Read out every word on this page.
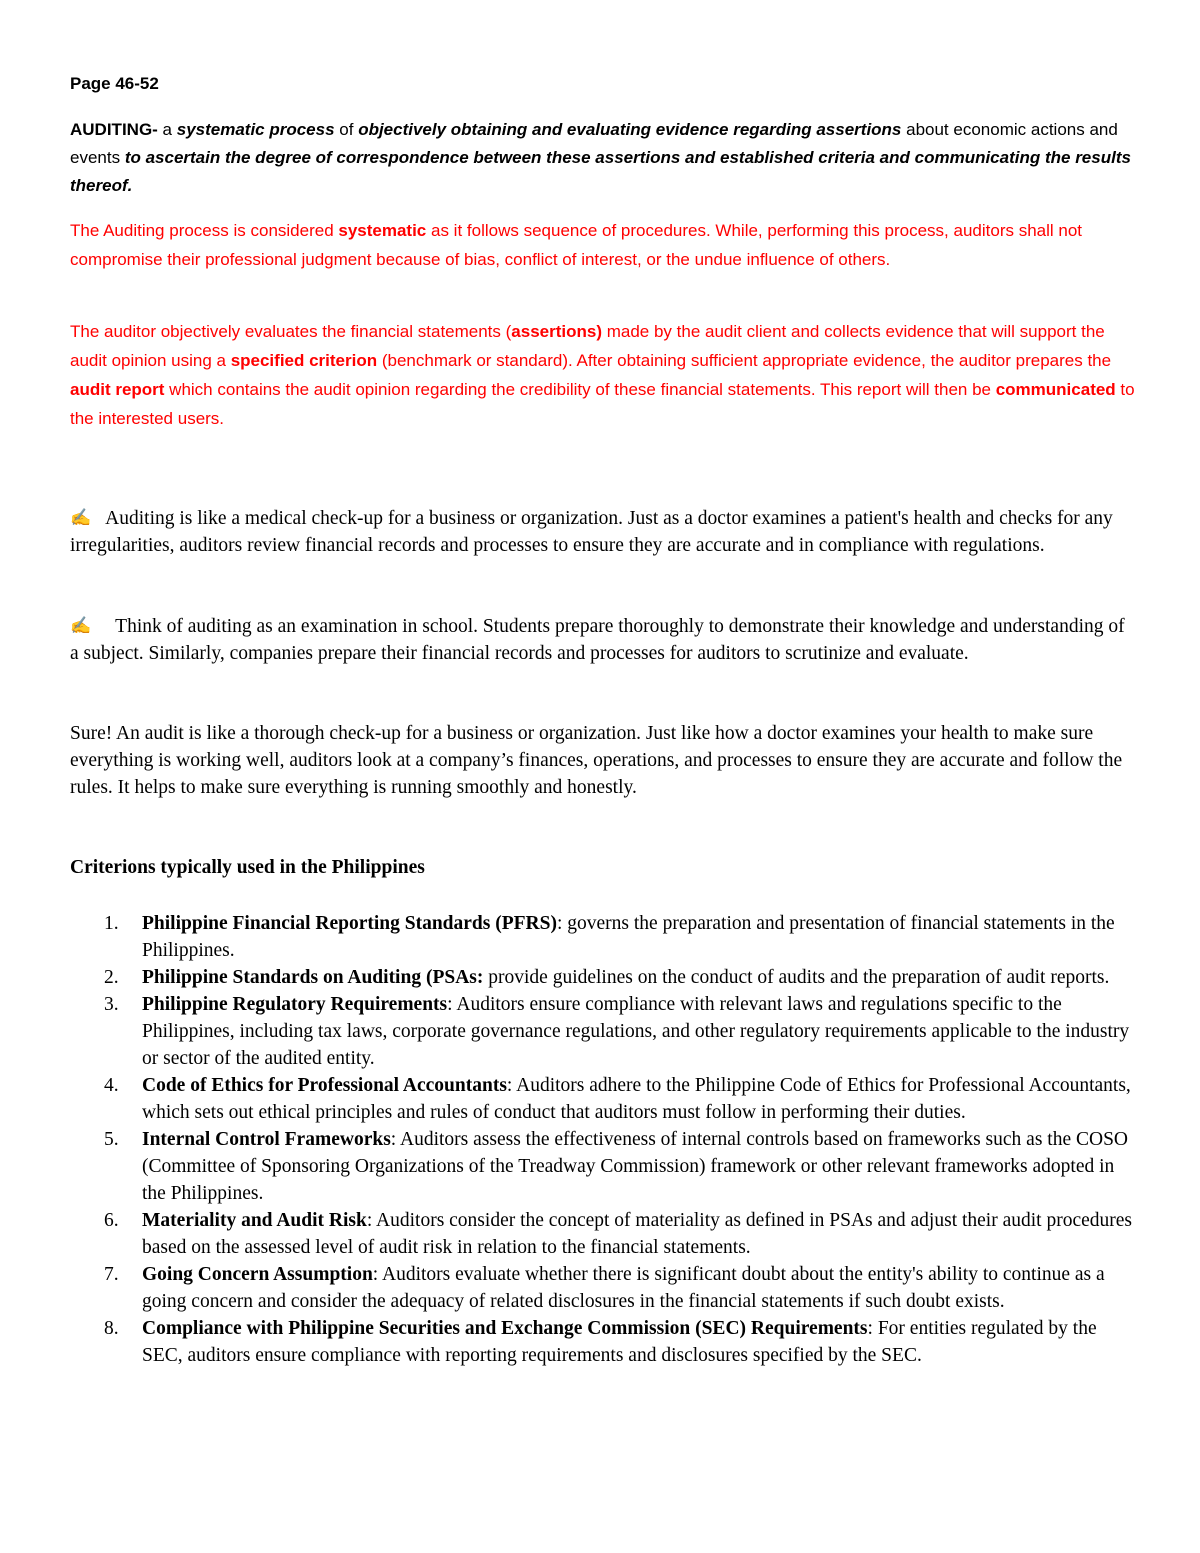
Page 46-52

AUDITING- a systematic process of objectively obtaining and evaluating evidence regarding assertions about economic actions and events to ascertain the degree of correspondence between these assertions and established criteria and communicating the results thereof.

The Auditing process is considered systematic as it follows sequence of procedures. While, performing this process, auditors shall not compromise their professional judgment because of bias, conflict of interest, or the undue influence of others.

The auditor objectively evaluates the financial statements (assertions) made by the audit client and collects evidence that will support the audit opinion using a specified criterion (benchmark or standard). After obtaining sufficient appropriate evidence, the auditor prepares the audit report which contains the audit opinion regarding the credibility of these financial statements. This report will then be communicated to the interested users.

✍ Auditing is like a medical check-up for a business or organization. Just as a doctor examines a patient's health and checks for any irregularities, auditors review financial records and processes to ensure they are accurate and in compliance with regulations.

✍ Think of auditing as an examination in school. Students prepare thoroughly to demonstrate their knowledge and understanding of a subject. Similarly, companies prepare their financial records and processes for auditors to scrutinize and evaluate.

Sure! An audit is like a thorough check-up for a business or organization. Just like how a doctor examines your health to make sure everything is working well, auditors look at a company’s finances, operations, and processes to ensure they are accurate and follow the rules. It helps to make sure everything is running smoothly and honestly.

Criterions typically used in the Philippines

1. Philippine Financial Reporting Standards (PFRS): governs the preparation and presentation of financial statements in the Philippines.
2. Philippine Standards on Auditing (PSAs: provide guidelines on the conduct of audits and the preparation of audit reports.
3. Philippine Regulatory Requirements: Auditors ensure compliance with relevant laws and regulations specific to the Philippines, including tax laws, corporate governance regulations, and other regulatory requirements applicable to the industry or sector of the audited entity.
4. Code of Ethics for Professional Accountants: Auditors adhere to the Philippine Code of Ethics for Professional Accountants, which sets out ethical principles and rules of conduct that auditors must follow in performing their duties.
5. Internal Control Frameworks: Auditors assess the effectiveness of internal controls based on frameworks such as the COSO (Committee of Sponsoring Organizations of the Treadway Commission) framework or other relevant frameworks adopted in the Philippines.
6. Materiality and Audit Risk: Auditors consider the concept of materiality as defined in PSAs and adjust their audit procedures based on the assessed level of audit risk in relation to the financial statements.
7. Going Concern Assumption: Auditors evaluate whether there is significant doubt about the entity's ability to continue as a going concern and consider the adequacy of related disclosures in the financial statements if such doubt exists.
8. Compliance with Philippine Securities and Exchange Commission (SEC) Requirements: For entities regulated by the SEC, auditors ensure compliance with reporting requirements and disclosures specified by the SEC.
